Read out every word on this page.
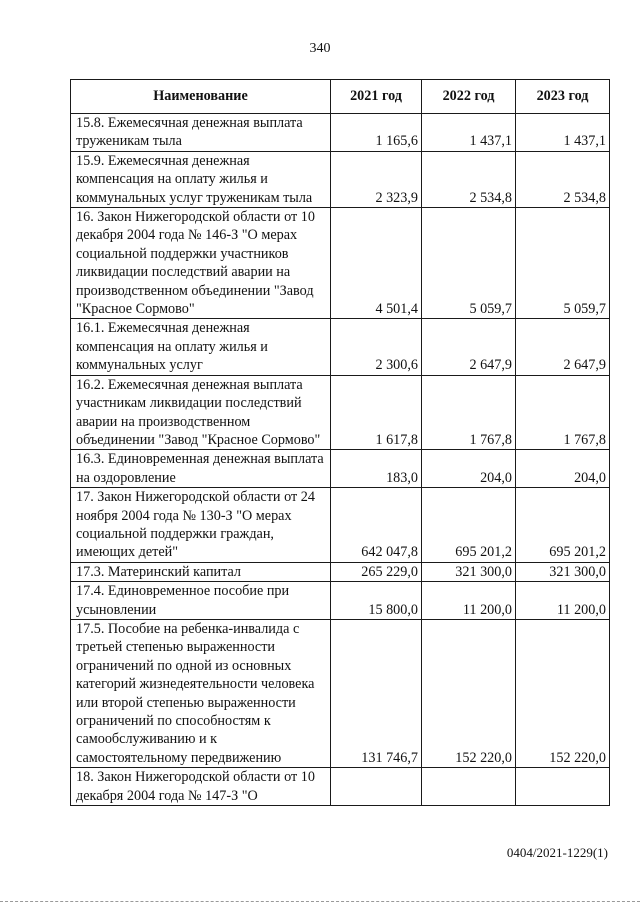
340
Наименование	2021 год	2022 год	2023 год
15.8. Ежемесячная денежная выплата труженикам тыла	1 165,6	1 437,1	1 437,1
15.9. Ежемесячная денежная компенсация на оплату жилья и коммунальных услуг труженикам тыла	2 323,9	2 534,8	2 534,8
16. Закон Нижегородской области от 10 декабря 2004 года № 146-З "О мерах социальной поддержки участников ликвидации последствий аварии на производственном объединении "Завод "Красное Сормово"	4 501,4	5 059,7	5 059,7
16.1. Ежемесячная денежная компенсация на оплату жилья и коммунальных услуг	2 300,6	2 647,9	2 647,9
16.2. Ежемесячная денежная выплата участникам ликвидации последствий аварии на производственном объединении "Завод "Красное Сормово"	1 617,8	1 767,8	1 767,8
16.3. Единовременная денежная выплата на оздоровление	183,0	204,0	204,0
17. Закон Нижегородской области от 24 ноября 2004 года № 130-З "О мерах социальной поддержки граждан, имеющих детей"	642 047,8	695 201,2	695 201,2
17.3. Материнский капитал	265 229,0	321 300,0	321 300,0
17.4. Единовременное пособие при усыновлении	15 800,0	11 200,0	11 200,0
17.5. Пособие на ребенка-инвалида с третьей степенью выраженности ограничений по одной из основных категорий жизнедеятельности человека или второй степенью выраженности ограничений по способностям к самообслуживанию и к самостоятельному передвижению	131 746,7	152 220,0	152 220,0
18. Закон Нижегородской области от 10 декабря 2004 года № 147-З "О			
0404/2021-1229(1)
